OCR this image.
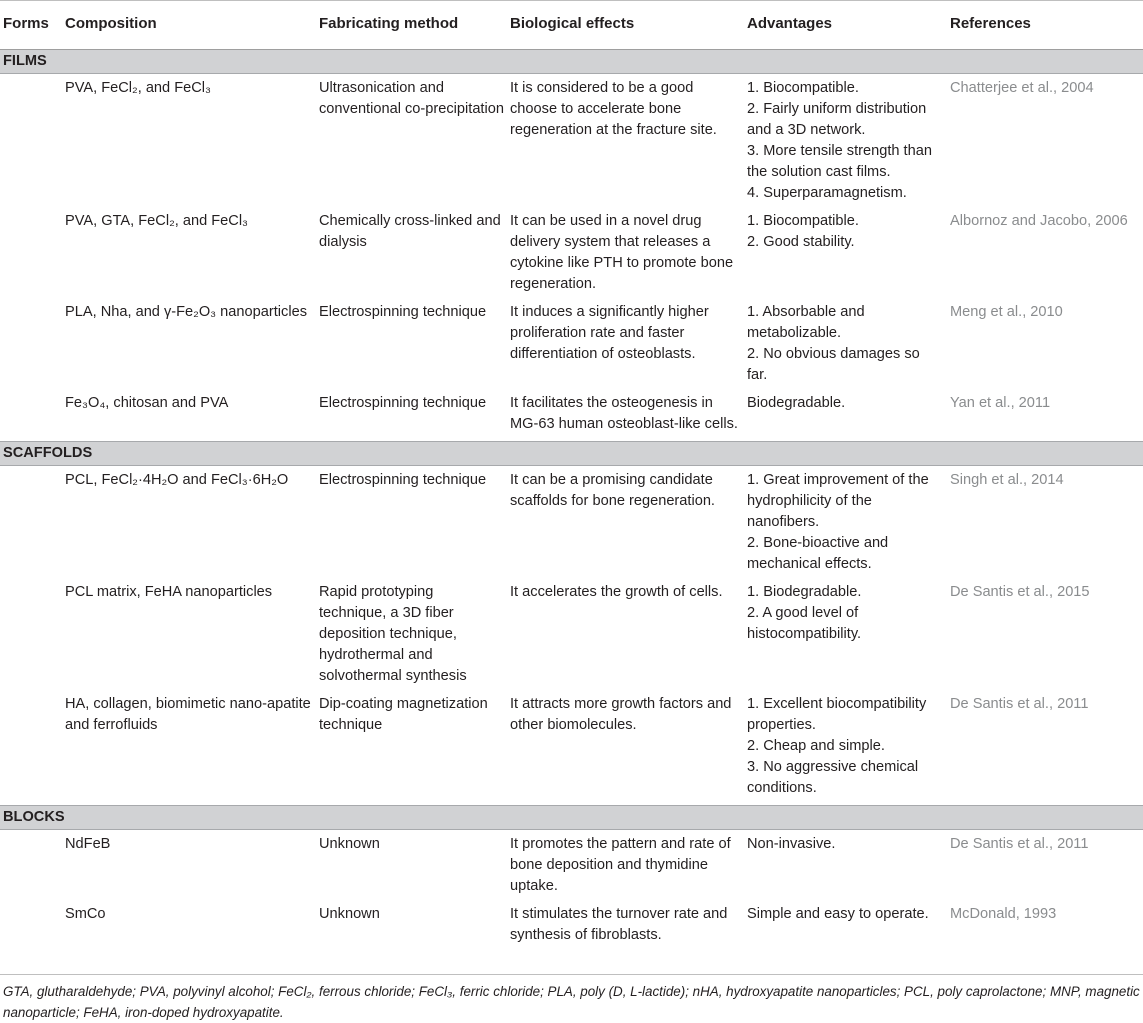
Forms	Composition	Fabricating method	Biological effects	Advantages	References
FILMS					
	PVA, FeCl₂, and FeCl₃	Ultrasonication and conventional co-precipitation	It is considered to be a good choose to accelerate bone regeneration at the fracture site.	1. Biocompatible.
2. Fairly uniform distribution and a 3D network.
3. More tensile strength than the solution cast films.
4. Superparamagnetism.	Chatterjee et al., 2004
	PVA, GTA, FeCl₂, and FeCl₃	Chemically cross-linked and dialysis	It can be used in a novel drug delivery system that releases a cytokine like PTH to promote bone regeneration.	1. Biocompatible.
2. Good stability.	Albornoz and Jacobo, 2006
	PLA, Nha, and γ-Fe₂O₃ nanoparticles	Electrospinning technique	It induces a significantly higher proliferation rate and faster differentiation of osteoblasts.	1. Absorbable and metabolizable.
2. No obvious damages so far.	Meng et al., 2010
	Fe₃O₄, chitosan and PVA	Electrospinning technique	It facilitates the osteogenesis in MG-63 human osteoblast-like cells.	Biodegradable.	Yan et al., 2011
SCAFFOLDS					
	PCL, FeCl₂·4H₂O and FeCl₃·6H₂O	Electrospinning technique	It can be a promising candidate scaffolds for bone regeneration.	1. Great improvement of the hydrophilicity of the nanofibers.
2. Bone-bioactive and mechanical effects.	Singh et al., 2014
	PCL matrix, FeHA nanoparticles	Rapid prototyping technique, a 3D fiber deposition technique, hydrothermal and solvothermal synthesis	It accelerates the growth of cells.	1. Biodegradable.
2. A good level of histocompatibility.	De Santis et al., 2015
	HA, collagen, biomimetic nano-apatite and ferrofluids	Dip-coating magnetization technique	It attracts more growth factors and other biomolecules.	1. Excellent biocompatibility properties.
2. Cheap and simple.
3. No aggressive chemical conditions.	De Santis et al., 2011
BLOCKS					
	NdFeB	Unknown	It promotes the pattern and rate of bone deposition and thymidine uptake.	Non-invasive.	De Santis et al., 2011
	SmCo	Unknown	It stimulates the turnover rate and synthesis of fibroblasts.	Simple and easy to operate.	McDonald, 1993

GTA, glutharaldehyde; PVA, polyvinyl alcohol; FeCl₂, ferrous chloride; FeCl₃, ferric chloride; PLA, poly (D, L-lactide); nHA, hydroxyapatite nanoparticles; PCL, poly caprolactone; MNP, magnetic nanoparticle; FeHA, iron-doped hydroxyapatite.
